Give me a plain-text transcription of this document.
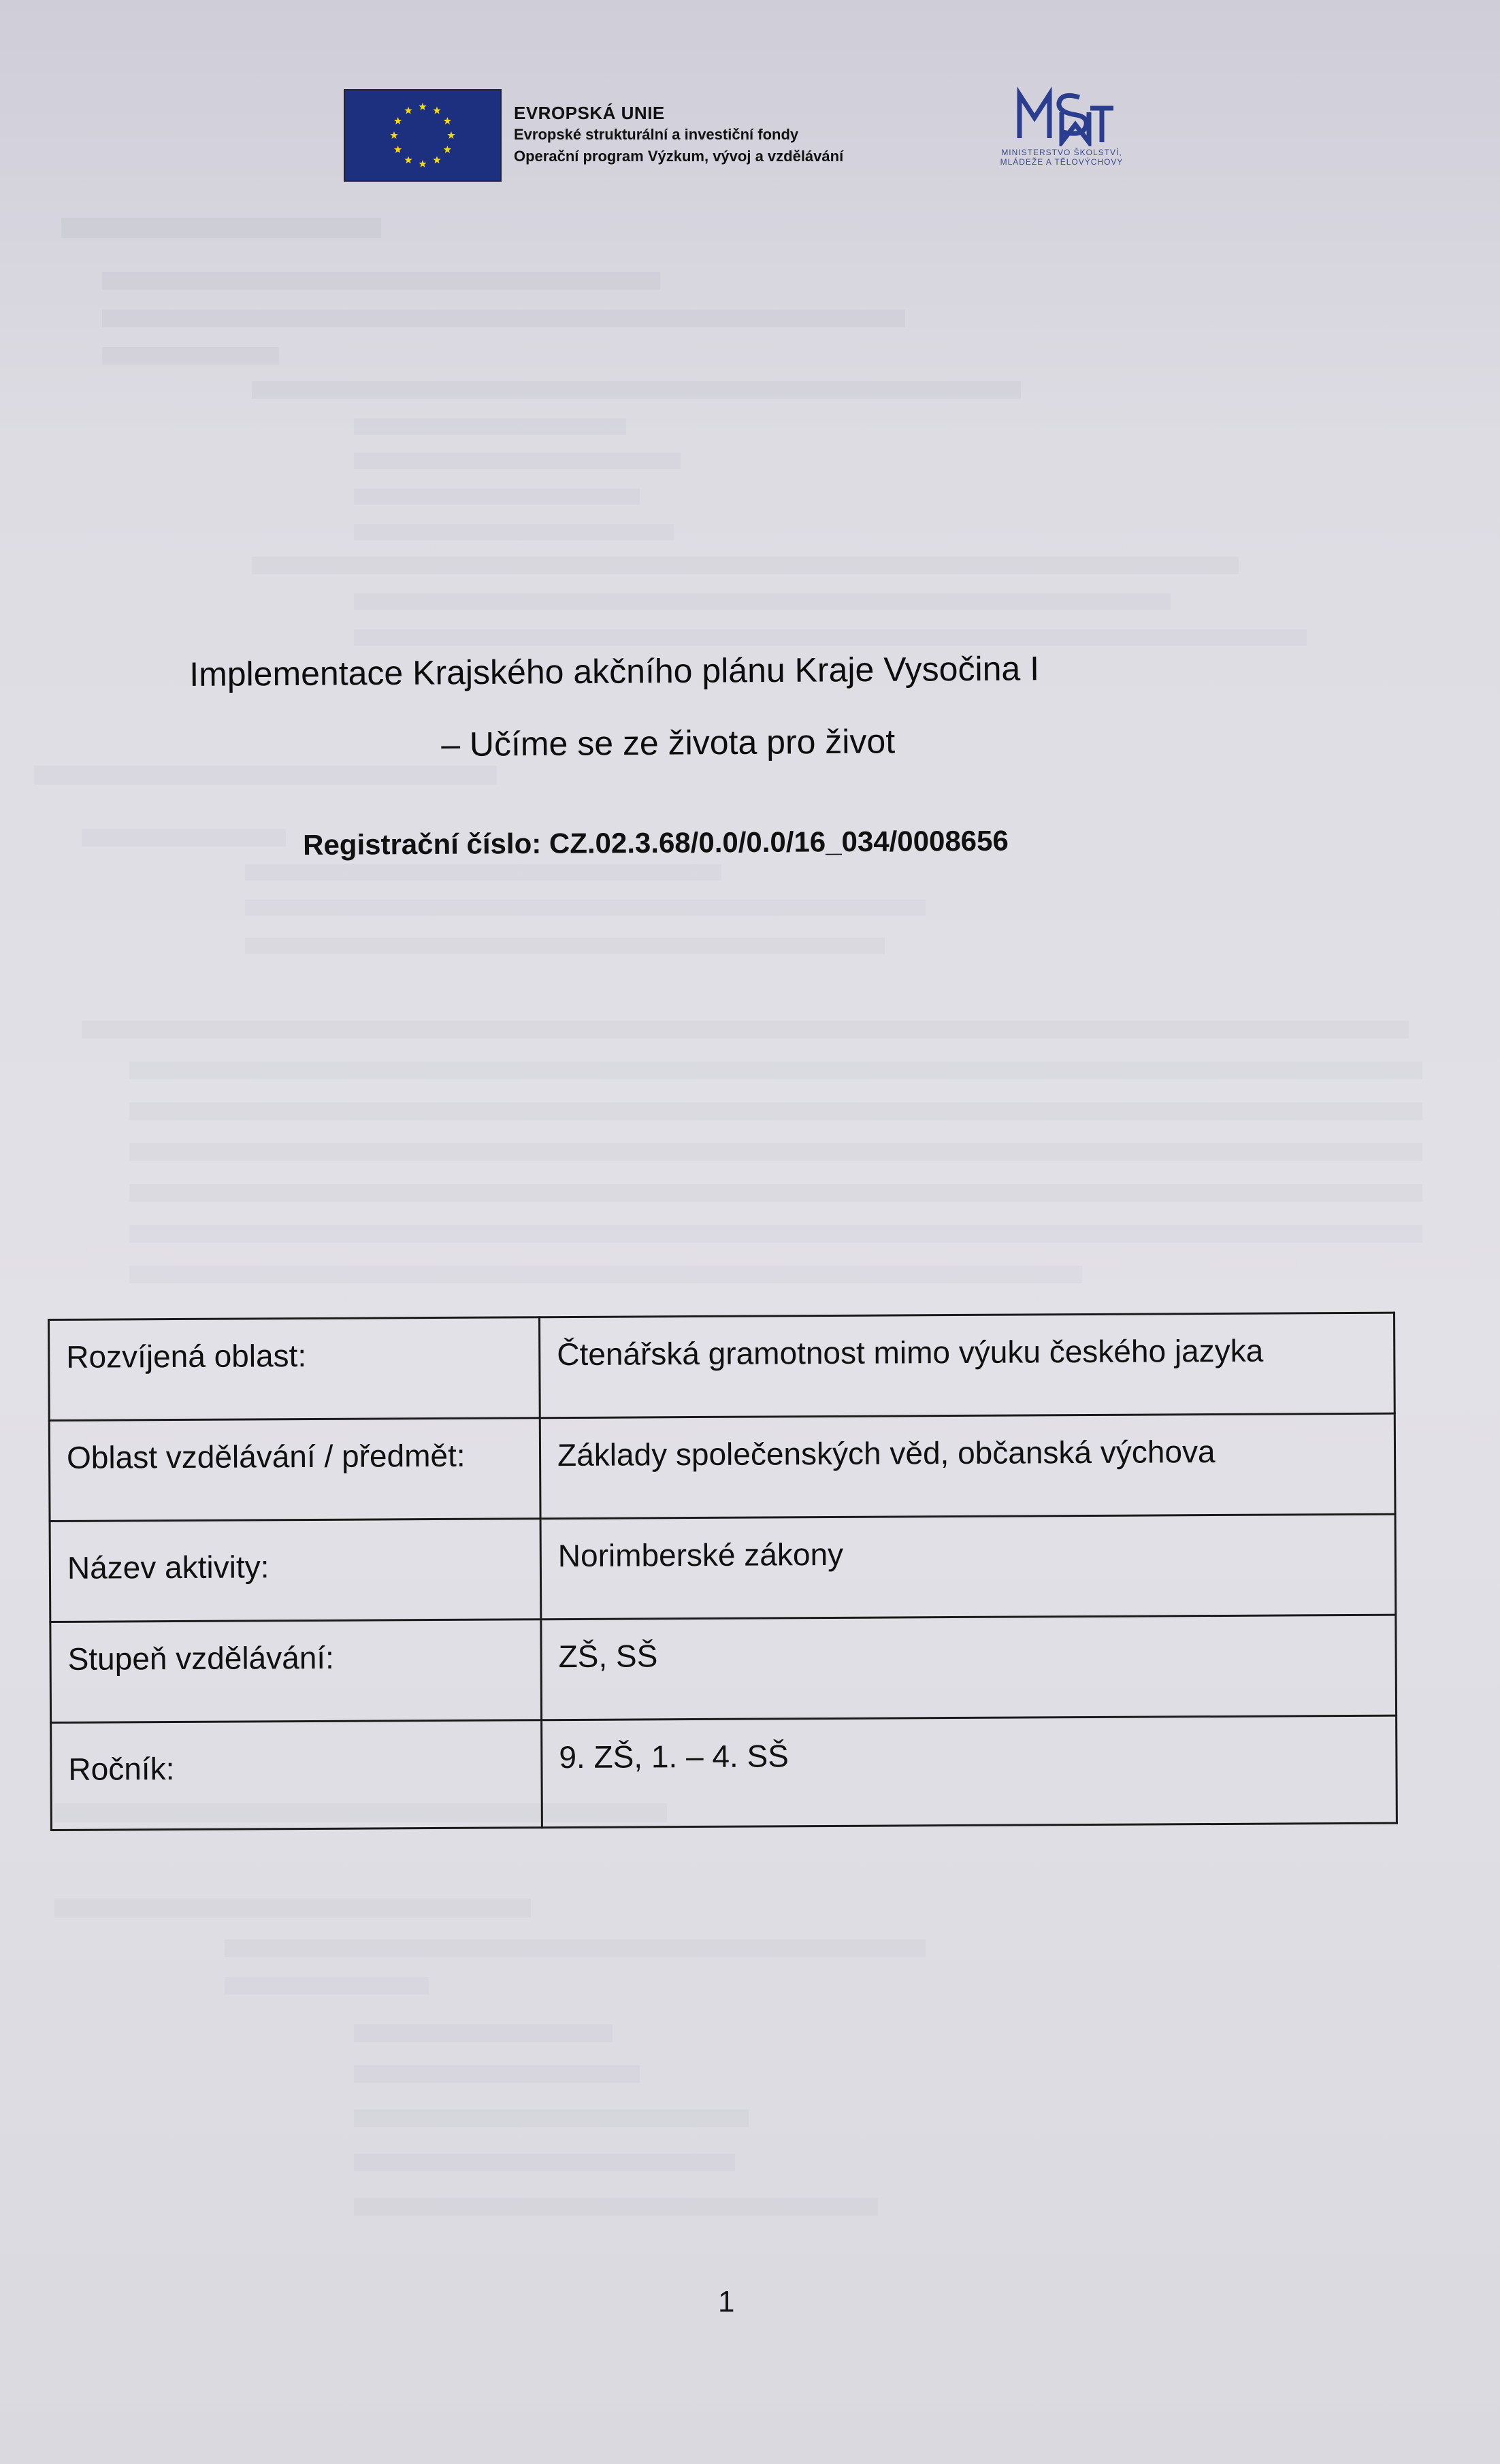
EVROPSKÁ UNIE
Evropské strukturální a investiční fondy
Operační program Výzkum, vývoj a vzdělávání	MINISTERSTVO ŠKOLSTVÍ,
MLÁDEŽE A TĚLOVÝCHOVY
Implementace Krajského akčního plánu Kraje Vysočina I
– Učíme se ze života pro život
Registrační číslo: CZ.02.3.68/0.0/0.0/16_034/0008656
Rozvíjená oblast:	Čtenářská gramotnost mimo výuku českého jazyka
Oblast vzdělávání / předmět:	Základy společenských věd, občanská výchova
Název aktivity:	Norimberské zákony
Stupeň vzdělávání:	ZŠ, SŠ
Ročník:	9. ZŠ, 1. – 4. SŠ
1
